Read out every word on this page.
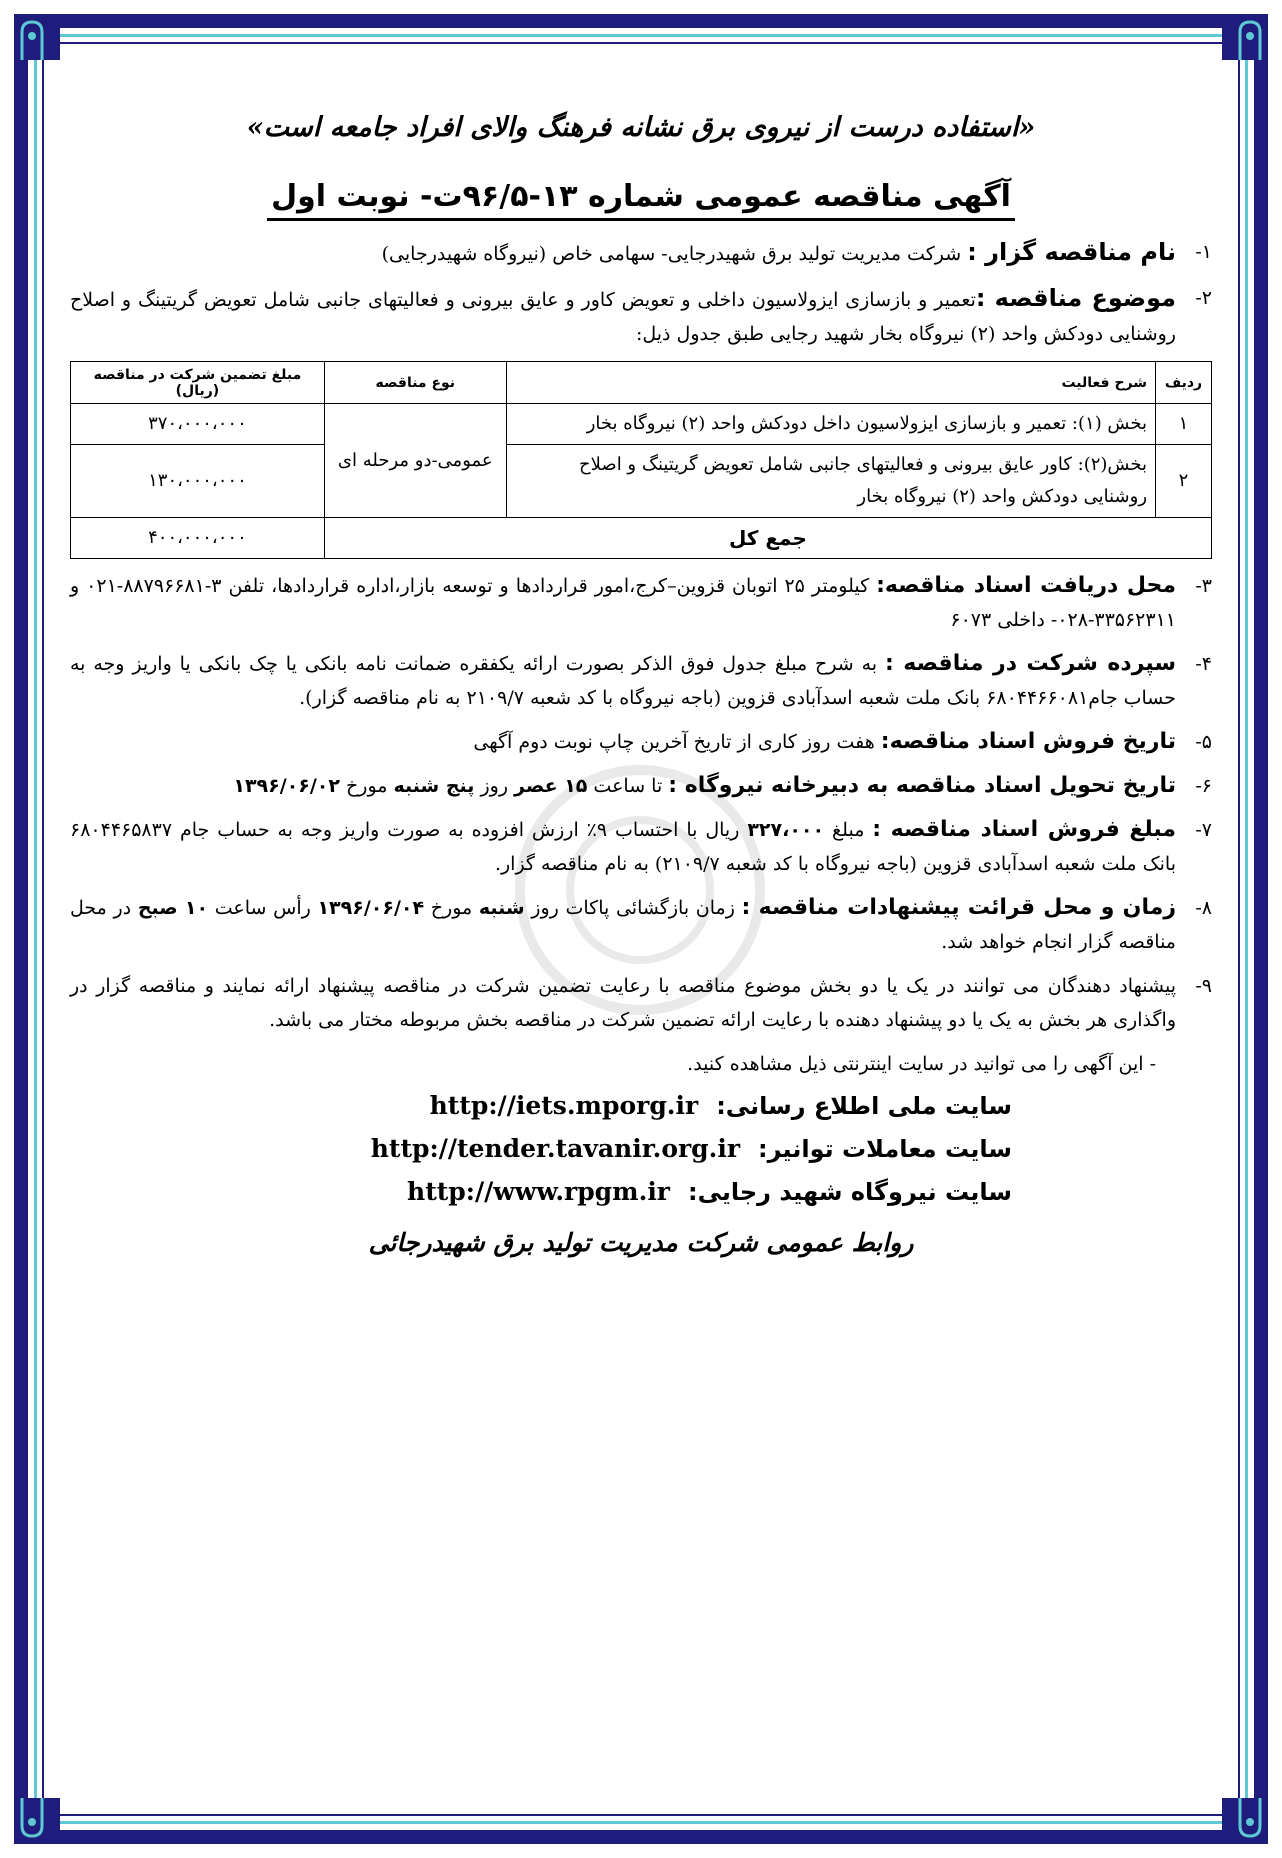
«استفاده درست از نیروی برق نشانه فرهنگ والای افراد جامعه است»
آگهی مناقصه عمومی شماره ۱۳-۹۶/۵ت- نوبت اول
۱-
نام مناقصه گزار : شرکت مدیریت تولید برق شهیدرجایی- سهامی خاص (نیروگاه شهیدرجایی)
۲-
موضوع مناقصه :تعمیر و بازسازی ایزولاسیون داخلی و تعویض کاور و عایق بیرونی و فعالیتهای جانبی شامل تعویض گریتینگ و اصلاح روشنایی دودکش واحد (۲) نیروگاه بخار شهید رجایی طبق جدول ذیل:
ردیف	شرح فعالیت	نوع مناقصه	مبلغ تضمین شرکت در مناقصه (ریال)
۱	بخش (۱): تعمیر و بازسازی ایزولاسیون داخل دودکش واحد (۲) نیروگاه بخار	عمومی-دو مرحله ای	۳۷۰،۰۰۰،۰۰۰
۲	بخش(۲): کاور عایق بیرونی و فعالیتهای جانبی شامل تعویض گریتینگ و اصلاح روشنایی دودکش واحد (۲) نیروگاه بخار		۱۳۰،۰۰۰،۰۰۰
جمع کل			۴۰۰،۰۰۰،۰۰۰
۳-
محل دریافت اسناد مناقصه: کیلومتر ۲۵ اتوبان قزوین–کرج،امور قراردادها و توسعه بازار،اداره قراردادها، تلفن ۳-۸۸۷۹۶۶۸۱-۰۲۱ و ۳۳۵۶۲۳۱۱-۰۲۸- داخلی ۶۰۷۳
۴-
سپرده شرکت در مناقصه : به شرح مبلغ جدول فوق الذکر بصورت ارائه یکفقره ضمانت نامه بانکی یا چک بانکی یا واریز وجه به حساب جام۶۸۰۴۴۶۶۰۸۱ بانک ملت شعبه اسدآبادی قزوین (باجه نیروگاه با کد شعبه ۲۱۰۹/۷ به نام مناقصه گزار).
۵-
تاریخ فروش اسناد مناقصه: هفت روز کاری از تاریخ آخرین چاپ نوبت دوم آگهی
۶-
تاریخ تحویل اسناد مناقصه به دبیرخانه نیروگاه : تا ساعت ۱۵ عصر روز پنج شنبه مورخ ۱۳۹۶/۰۶/۰۲
۷-
مبلغ فروش اسناد مناقصه : مبلغ ۳۲۷،۰۰۰ ریال با احتساب ۹٪ ارزش افزوده به صورت واریز وجه به حساب جام ۶۸۰۴۴۶۵۸۳۷ بانک ملت شعبه اسدآبادی قزوین (باجه نیروگاه با کد شعبه ۲۱۰۹/۷) به نام مناقصه گزار.
۸-
زمان و محل قرائت پیشنهادات مناقصه : زمان بازگشائی پاکات روز شنبه مورخ ۱۳۹۶/۰۶/۰۴ رأس ساعت ۱۰ صبح در محل مناقصه گزار انجام خواهد شد.
۹-
پیشنهاد دهندگان می توانند در یک یا دو بخش موضوع مناقصه با رعایت تضمین شرکت در مناقصه پیشنهاد ارائه نمایند و مناقصه گزار در واگذاری هر بخش به یک یا دو پیشنهاد دهنده با رعایت ارائه تضمین شرکت در مناقصه بخش مربوطه مختار می باشد.
- این آگهی را می توانید در سایت اینترنتی ذیل مشاهده کنید.
سایت ملی اطلاع رسانی:
http://iets.mporg.ir
سایت معاملات توانیر:
http://tender.tavanir.org.ir
سایت نیروگاه شهید رجایی:
http://www.rpgm.ir
روابط عمومی شرکت مدیریت تولید برق شهیدرجائی
